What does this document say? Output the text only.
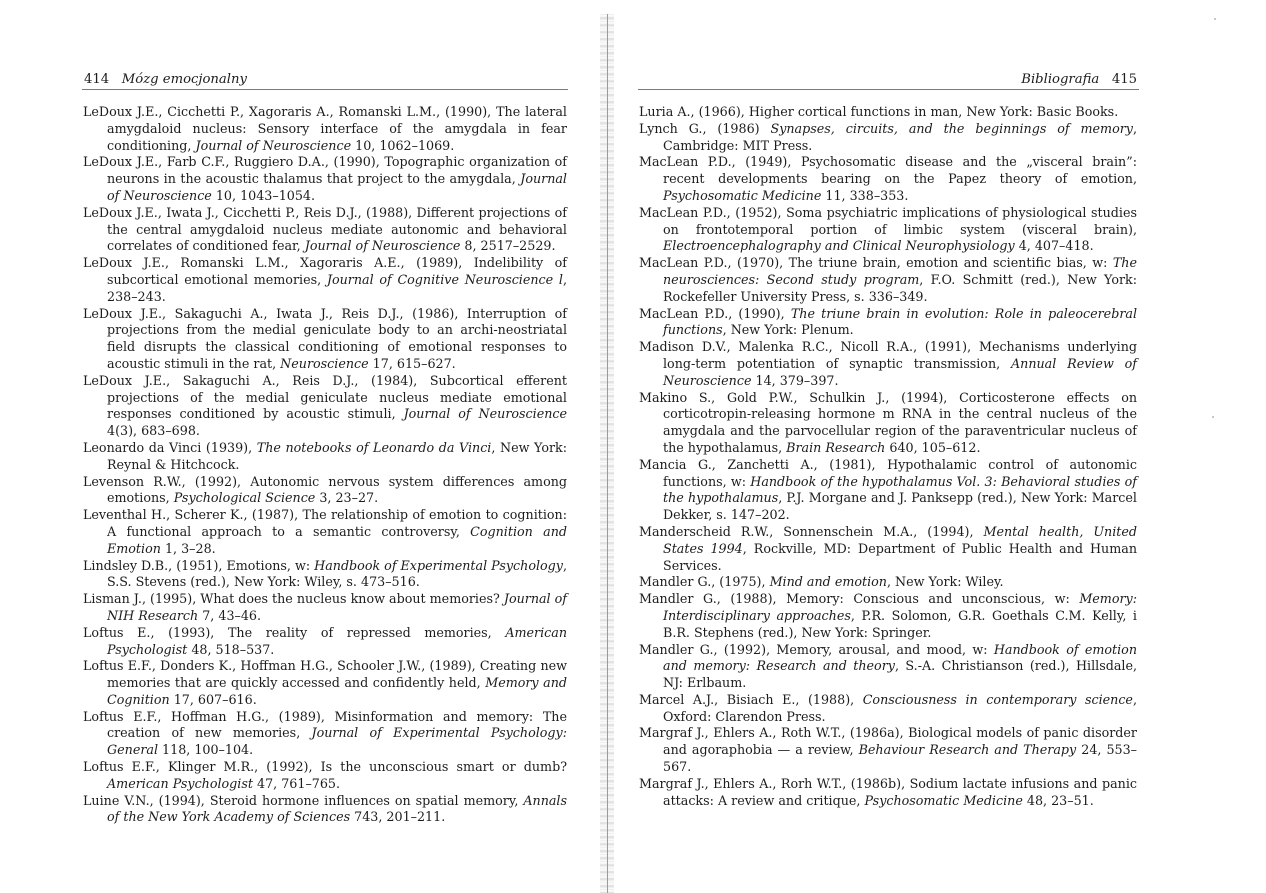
414 Mózg emocjonalny
LeDoux J.E., Cicchetti P., Xagoraris A., Romanski L.M., (1990), The lateral amygdaloid nucleus: Sensory interface of the amygdala in fear conditioning, Journal of Neuroscience 10, 1062–1069.
LeDoux J.E., Farb C.F., Ruggiero D.A., (1990), Topographic organization of neurons in the acoustic thalamus that project to the amygdala, Journal of Neuroscience 10, 1043–1054.
LeDoux J.E., Iwata J., Cicchetti P., Reis D.J., (1988), Different projections of the central amygdaloid nucleus mediate autonomic and behavioral correlates of conditioned fear, Journal of Neuroscience 8, 2517–2529.
LeDoux J.E., Romanski L.M., Xagoraris A.E., (1989), Indelibility of subcortical emotional memories, Journal of Cognitive Neuroscience l, 238–243.
LeDoux J.E., Sakaguchi A., Iwata J., Reis D.J., (1986), Interruption of projections from the medial geniculate body to an archi-neostriatal field disrupts the classical conditioning of emotional responses to acoustic stimuli in the rat, Neuroscience 17, 615–627.
LeDoux J.E., Sakaguchi A., Reis D.J., (1984), Subcortical efferent projections of the medial geniculate nucleus mediate emotional responses conditioned by acoustic stimuli, Journal of Neuroscience 4(3), 683–698.
Leonardo da Vinci (1939), The notebooks of Leonardo da Vinci, New York: Reynal & Hitchcock.
Levenson R.W., (1992), Autonomic nervous system differences among emotions, Psychological Science 3, 23–27.
Leventhal H., Scherer K., (1987), The relationship of emotion to cognition: A functional approach to a semantic controversy, Cognition and Emotion 1, 3–28.
Lindsley D.B., (1951), Emotions, w: Handbook of Experimental Psychology, S.S. Stevens (red.), New York: Wiley, s. 473–516.
Lisman J., (1995), What does the nucleus know about memories? Journal of NIH Research 7, 43–46.
Loftus E., (1993), The reality of repressed memories, American Psychologist 48, 518–537.
Loftus E.F., Donders K., Hoffman H.G., Schooler J.W., (1989), Creating new memories that are quickly accessed and confidently held, Memory and Cognition 17, 607–616.
Loftus E.F., Hoffman H.G., (1989), Misinformation and memory: The creation of new memories, Journal of Experimental Psychology: General 118, 100–104.
Loftus E.F., Klinger M.R., (1992), Is the unconscious smart or dumb? American Psychologist 47, 761–765.
Luine V.N., (1994), Steroid hormone influences on spatial memory, Annals of the New York Academy of Sciences 743, 201–211.
Bibliografia 415
Luria A., (1966), Higher cortical functions in man, New York: Basic Books.
Lynch G., (1986) Synapses, circuits, and the beginnings of memory, Cambridge: MIT Press.
MacLean P.D., (1949), Psychosomatic disease and the „visceral brain”: recent developments bearing on the Papez theory of emotion, Psychosomatic Medicine 11, 338–353.
MacLean P.D., (1952), Soma psychiatric implications of physiological studies on frontotemporal portion of limbic system (visceral brain), Electroencephalography and Clinical Neurophysiology 4, 407–418.
MacLean P.D., (1970), The triune brain, emotion and scientific bias, w: The neurosciences: Second study program, F.O. Schmitt (red.), New York: Rockefeller University Press, s. 336–349.
MacLean P.D., (1990), The triune brain in evolution: Role in paleocerebral functions, New York: Plenum.
Madison D.V., Malenka R.C., Nicoll R.A., (1991), Mechanisms underlying long-term potentiation of synaptic transmission, Annual Review of Neuroscience 14, 379–397.
Makino S., Gold P.W., Schulkin J., (1994), Corticosterone effects on corticotropin-releasing hormone m RNA in the central nucleus of the amygdala and the parvocellular region of the paraventricular nucleus of the hypothalamus, Brain Research 640, 105–612.
Mancia G., Zanchetti A., (1981), Hypothalamic control of autonomic functions, w: Handbook of the hypothalamus Vol. 3: Behavioral studies of the hypothalamus, P.J. Morgane and J. Panksepp (red.), New York: Marcel Dekker, s. 147–202.
Manderscheid R.W., Sonnenschein M.A., (1994), Mental health, United States 1994, Rockville, MD: Department of Public Health and Human Services.
Mandler G., (1975), Mind and emotion, New York: Wiley.
Mandler G., (1988), Memory: Conscious and unconscious, w: Memory: Interdisciplinary approaches, P.R. Solomon, G.R. Goethals C.M. Kelly, i B.R. Stephens (red.), New York: Springer.
Mandler G., (1992), Memory, arousal, and mood, w: Handbook of emotion and memory: Research and theory, S.-A. Christianson (red.), Hillsdale, NJ: Erlbaum.
Marcel A.J., Bisiach E., (1988), Consciousness in contemporary science, Oxford: Clarendon Press.
Margraf J., Ehlers A., Roth W.T., (1986a), Biological models of panic disorder and agoraphobia — a review, Behaviour Research and Therapy 24, 553–567.
Margraf J., Ehlers A., Rorh W.T., (1986b), Sodium lactate infusions and panic attacks: A review and critique, Psychosomatic Medicine 48, 23–51.
